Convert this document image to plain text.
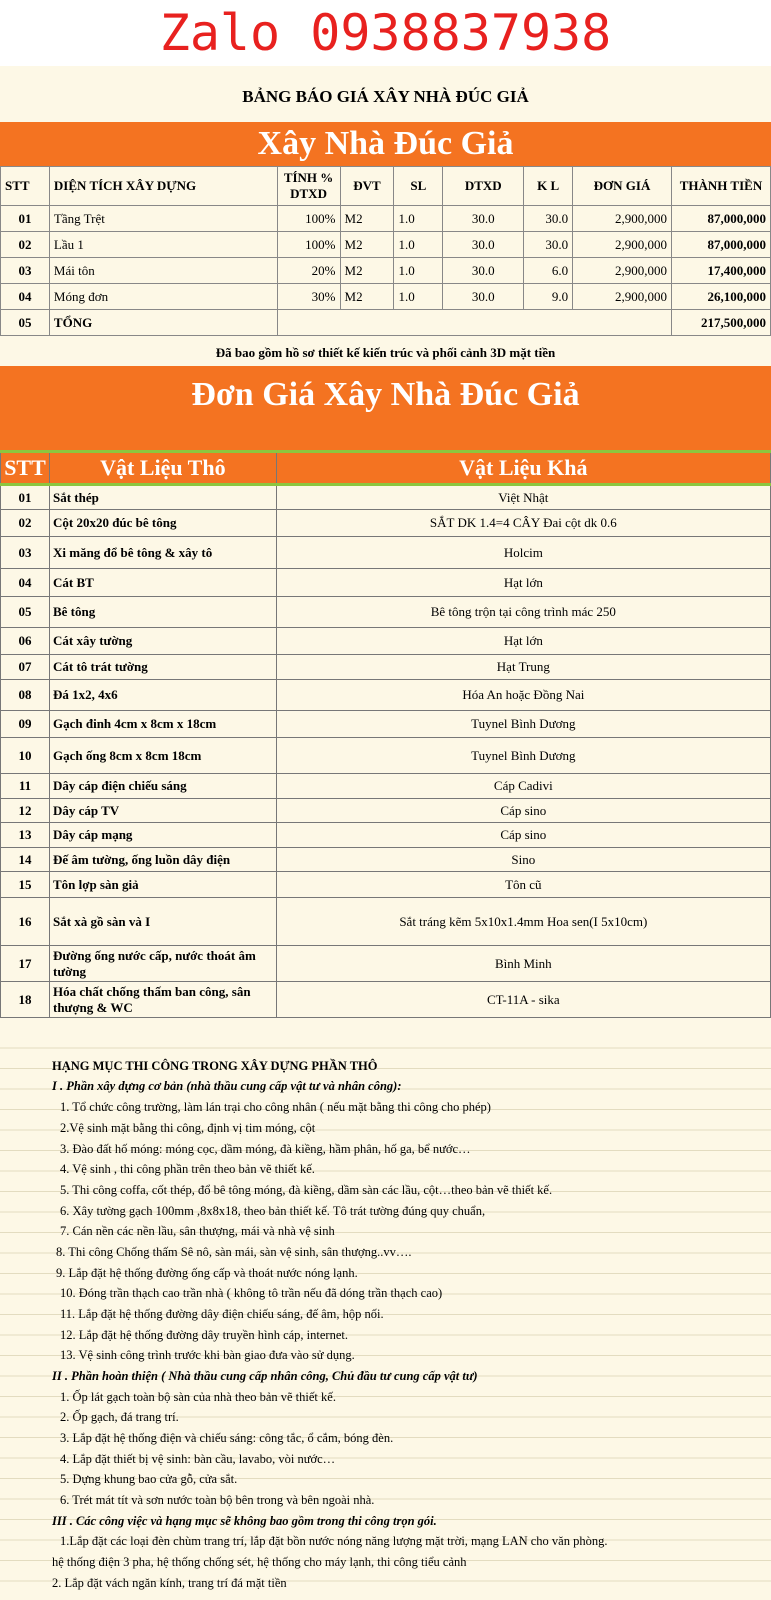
Zalo 0938837938
BẢNG BÁO GIÁ XÂY NHÀ ĐÚC GIẢ
Xây Nhà Đúc Giả
STT	DIỆN TÍCH XÂY DỰNG	TÍNH % DTXD	ĐVT	SL	DTXD	K L	ĐƠN GIÁ	THÀNH TIỀN
01	Tầng Trệt	100%	M2	1.0	30.0	30.0	2,900,000	87,000,000
02	Lầu 1	100%	M2	1.0	30.0	30.0	2,900,000	87,000,000
03	Mái tôn	20%	M2	1.0	30.0	6.0	2,900,000	17,400,000
04	Móng đơn	30%	M2	1.0	30.0	9.0	2,900,000	26,100,000
05	TỔNG							217,500,000
Đã bao gồm hồ sơ thiết kế kiến trúc và phối cảnh 3D mặt tiền
Đơn Giá Xây Nhà Đúc Giả
STT	Vật Liệu Thô	Vật Liệu Khá
01	Sắt thép	Việt Nhật
02	Cột 20x20 đúc bê tông	SẮT DK 1.4=4 CÂY Đai cột dk 0.6
03	Xi măng đổ bê tông & xây tô	Holcim
04	Cát BT	Hạt lớn
05	Bê tông	Bê tông trộn tại công trình mác 250
06	Cát xây tường	Hạt lớn
07	Cát tô trát tường	Hạt Trung
08	Đá 1x2, 4x6	Hóa An hoặc Đồng Nai
09	Gạch đinh 4cm x 8cm x 18cm	Tuynel Bình Dương
10	Gạch ống 8cm x 8cm 18cm	Tuynel Bình Dương
11	Dây cáp điện chiếu sáng	Cáp Cadivi
12	Dây cáp TV	Cáp sino
13	Dây cáp mạng	Cáp sino
14	Đế âm tường, ống luồn dây điện	Sino
15	Tôn lợp sàn giả	Tôn cũ
16	Sắt xà gồ sàn và I	Sắt tráng kẽm 5x10x1.4mm Hoa sen(I 5x10cm)
17	Đường ống nước cấp, nước thoát âm tường	Bình Minh
18	Hóa chất chống thấm ban công, sân thượng & WC	CT-11A - sika
HẠNG MỤC THI CÔNG TRONG XÂY DỰNG PHẦN THÔ
I . Phần xây dựng cơ bản (nhà thầu cung cấp vật tư và nhân công):
1. Tổ chức công trường, làm lán trại cho công nhân ( nếu mặt bằng thi công cho phép)
2.Vệ sinh mặt bằng thi công, định vị tim móng, cột
3. Đào đất hố móng: móng cọc, dầm móng, đà kiềng, hầm phân, hố ga, bể nước…
4. Vệ sinh , thi công phần trên theo bản vẽ thiết kế.
5. Thi công coffa, cốt thép, đổ bê tông móng, đà kiềng, dầm sàn các lầu, cột…theo bản vẽ thiết kế.
6. Xây tường gạch 100mm ,8x8x18, theo bản thiết kế. Tô trát tường đúng quy chuẩn,
7. Cán nền các nền lầu, sân thượng, mái và nhà vệ sinh
8. Thi công Chống thấm Sê nô, sàn mái, sàn vệ sinh, sân thượng..vv….
9. Lắp đặt hệ thống đường ống cấp và thoát nước nóng lạnh.
10. Đóng trần thạch cao trần nhà ( không tô trần nếu đã dóng trần thạch cao)
11. Lắp đặt hệ thống đường dây điện chiếu sáng, đế âm, hộp nối.
12. Lắp đặt hệ thống đường dây truyền hình cáp, internet.
13. Vệ sinh công trình trước khi bàn giao đưa vào sử dụng.
II . Phần hoàn thiện ( Nhà thầu cung cấp nhân công, Chủ đầu tư cung cấp vật tư)
1. Ốp lát gạch toàn bộ sàn của nhà theo bản vẽ thiết kế.
2. Ốp gạch, đá trang trí.
3. Lắp đặt hệ thống điện và chiếu sáng: công tắc, ổ cắm, bóng đèn.
4. Lắp đặt thiết bị vệ sinh: bàn cầu, lavabo, vòi nước…
5. Dựng khung bao cửa gỗ, cửa sắt.
6. Trét mát tít và sơn nước toàn bộ bên trong và bên ngoài nhà.
III . Các công việc và hạng mục sẽ không bao gồm trong thi công trọn gói.
1.Lắp đặt các loại đèn chùm trang trí, lắp đặt bồn nước nóng năng lượng mặt trời, mạng LAN cho văn phòng.
hệ thống điện 3 pha, hệ thống chống sét, hệ thống cho máy lạnh, thi công tiểu cảnh
2. Lắp đặt vách ngăn kính, trang trí đá mặt tiền
